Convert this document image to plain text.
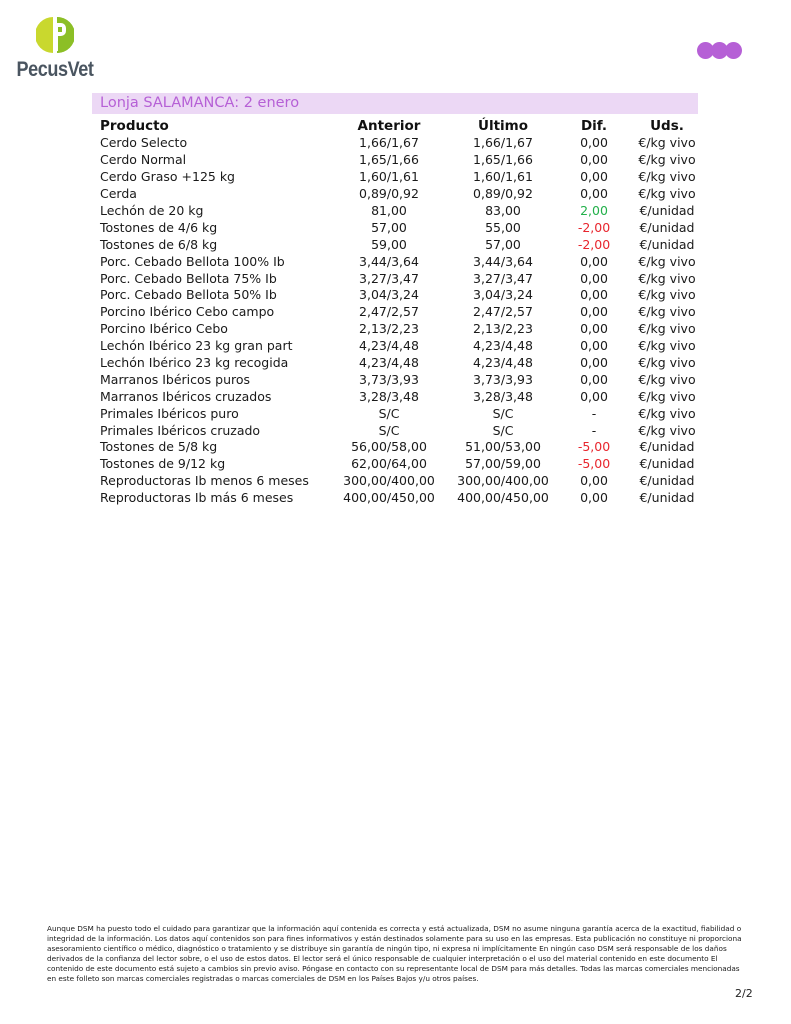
PecusVet
Lonja SALAMANCA: 2 enero
Producto	Anterior	Último	Dif.	Uds.
Cerdo Selecto	1,66/1,67	1,66/1,67	0,00	€/kg vivo
Cerdo Normal	1,65/1,66	1,65/1,66	0,00	€/kg vivo
Cerdo Graso +125 kg	1,60/1,61	1,60/1,61	0,00	€/kg vivo
Cerda	0,89/0,92	0,89/0,92	0,00	€/kg vivo
Lechón de 20 kg	81,00	83,00	2,00	€/unidad
Tostones de 4/6 kg	57,00	55,00	-2,00	€/unidad
Tostones de 6/8 kg	59,00	57,00	-2,00	€/unidad
Porc. Cebado Bellota 100% Ib	3,44/3,64	3,44/3,64	0,00	€/kg vivo
Porc. Cebado Bellota 75% Ib	3,27/3,47	3,27/3,47	0,00	€/kg vivo
Porc. Cebado Bellota 50% Ib	3,04/3,24	3,04/3,24	0,00	€/kg vivo
Porcino Ibérico Cebo campo	2,47/2,57	2,47/2,57	0,00	€/kg vivo
Porcino Ibérico Cebo	2,13/2,23	2,13/2,23	0,00	€/kg vivo
Lechón Ibérico 23 kg gran part	4,23/4,48	4,23/4,48	0,00	€/kg vivo
Lechón Ibérico 23 kg recogida	4,23/4,48	4,23/4,48	0,00	€/kg vivo
Marranos Ibéricos puros	3,73/3,93	3,73/3,93	0,00	€/kg vivo
Marranos Ibéricos cruzados	3,28/3,48	3,28/3,48	0,00	€/kg vivo
Primales Ibéricos puro	S/C	S/C	-	€/kg vivo
Primales Ibéricos cruzado	S/C	S/C	-	€/kg vivo
Tostones de 5/8 kg	56,00/58,00	51,00/53,00	-5,00	€/unidad
Tostones de 9/12 kg	62,00/64,00	57,00/59,00	-5,00	€/unidad
Reproductoras Ib menos 6 meses	300,00/400,00	300,00/400,00	0,00	€/unidad
Reproductoras Ib más 6 meses	400,00/450,00	400,00/450,00	0,00	€/unidad
Aunque DSM ha puesto todo el cuidado para garantizar que la información aquí contenida es correcta y está actualizada, DSM no asume ninguna garantía acerca de la exactitud, fiabilidad o integridad de la información. Los datos aquí contenidos son para fines informativos y están destinados solamente para su uso en las empresas. Esta publicación no constituye ni proporciona asesoramiento científico o médico, diagnóstico o tratamiento y se distribuye sin garantía de ningún tipo, ni expresa ni implícitamente En ningún caso DSM será responsable de los daños derivados de la confianza del lector sobre, o el uso de estos datos. El lector será el único responsable de cualquier interpretación o el uso del material contenido en este documento El contenido de este documento está sujeto a cambios sin previo aviso. Póngase en contacto con su representante local de DSM para más detalles. Todas las marcas comerciales mencionadas en este folleto son marcas comerciales registradas o marcas comerciales de DSM en los Países Bajos y/u otros países.
2/2
